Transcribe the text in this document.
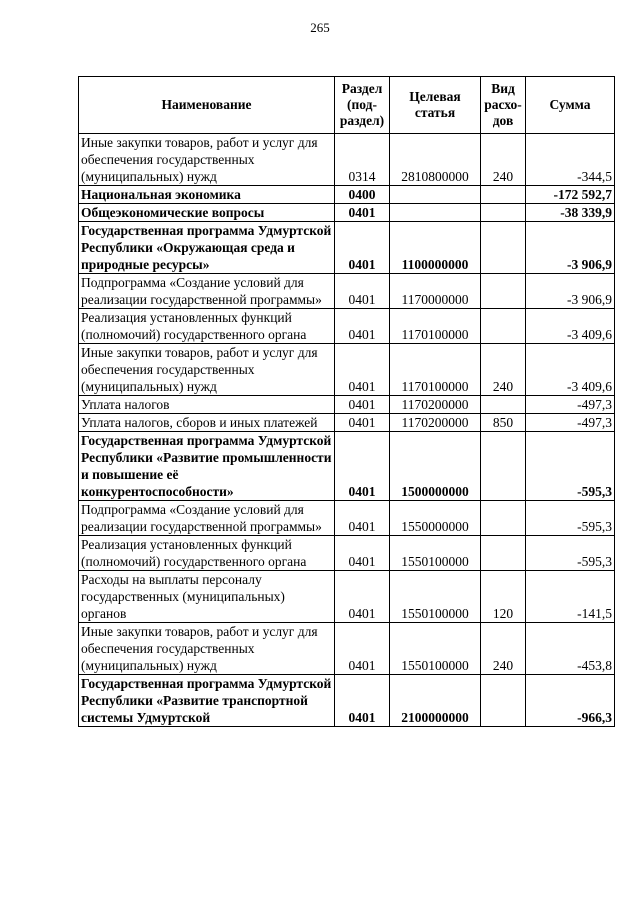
265
Наименование	Раздел (под-раздел)	Целевая статья	Вид расхо-дов	Сумма
Иные закупки товаров, работ и услуг для обеспечения государственных (муниципальных) нужд	0314	2810800000	240	-344,5
Национальная экономика	0400			-172 592,7
Общеэкономические вопросы	0401			-38 339,9
Государственная программа Удмуртской Республики «Окружающая среда и природные ресурсы»	0401	1100000000		-3 906,9
Подпрограмма «Создание условий для реализации государственной программы»	0401	1170000000		-3 906,9
Реализация установленных функций (полномочий) государственного органа	0401	1170100000		-3 409,6
Иные закупки товаров, работ и услуг для обеспечения государственных (муниципальных) нужд	0401	1170100000	240	-3 409,6
Уплата налогов	0401	1170200000		-497,3
Уплата налогов, сборов и иных платежей	0401	1170200000	850	-497,3
Государственная программа Удмуртской Республики «Развитие промышленности и повышение её конкурентоспособности»	0401	1500000000		-595,3
Подпрограмма «Создание условий для реализации государственной программы»	0401	1550000000		-595,3
Реализация установленных функций (полномочий) государственного органа	0401	1550100000		-595,3
Расходы на выплаты персоналу государственных (муниципальных) органов	0401	1550100000	120	-141,5
Иные закупки товаров, работ и услуг для обеспечения государственных (муниципальных) нужд	0401	1550100000	240	-453,8
Государственная программа Удмуртской Республики «Развитие транспортной системы Удмуртской	0401	2100000000		-966,3
